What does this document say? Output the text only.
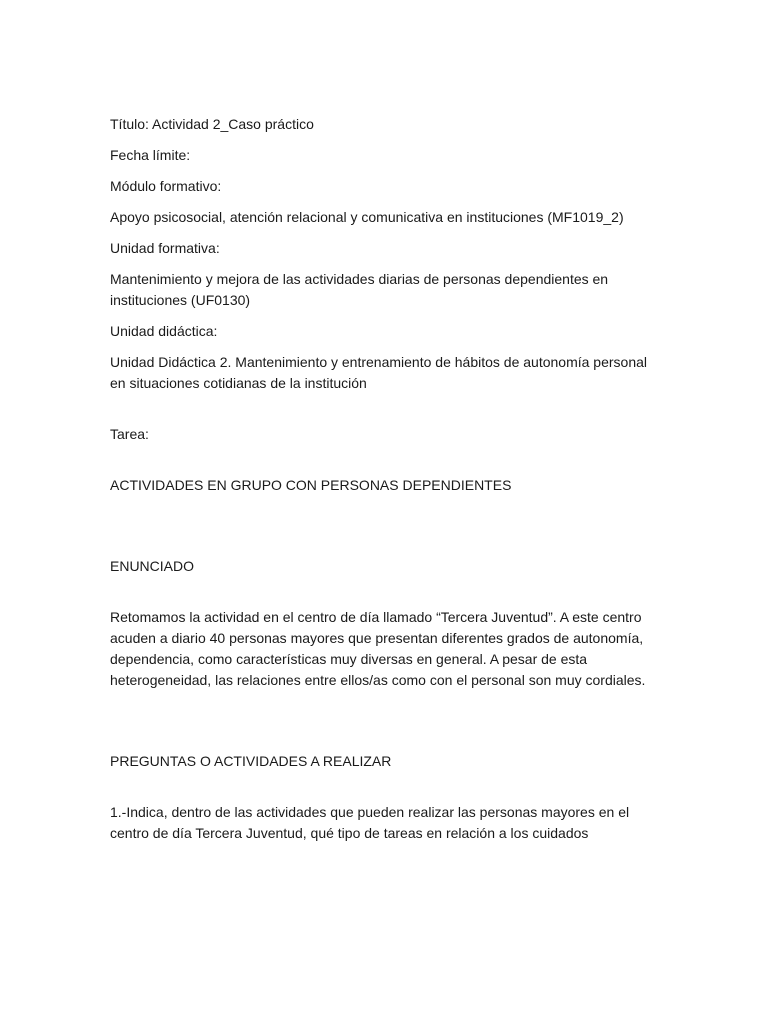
Título: Actividad 2_Caso práctico

Fecha límite:

Módulo formativo:

Apoyo psicosocial, atención relacional y comunicativa en instituciones (MF1019_2)

Unidad formativa:

Mantenimiento y mejora de las actividades diarias de personas dependientes en instituciones (UF0130)

Unidad didáctica:

Unidad Didáctica 2. Mantenimiento y entrenamiento de hábitos de autonomía personal en situaciones cotidianas de la institución

Tarea:

ACTIVIDADES EN GRUPO CON PERSONAS DEPENDIENTES

ENUNCIADO

Retomamos la actividad en el centro de día llamado “Tercera Juventud”. A este centro acuden a diario 40 personas mayores que presentan diferentes grados de autonomía, dependencia, como características muy diversas en general. A pesar de esta heterogeneidad, las relaciones entre ellos/as como con el personal son muy cordiales.

PREGUNTAS O ACTIVIDADES A REALIZAR

1.-Indica, dentro de las actividades que pueden realizar las personas mayores en el centro de día Tercera Juventud, qué tipo de tareas en relación a los cuidados
